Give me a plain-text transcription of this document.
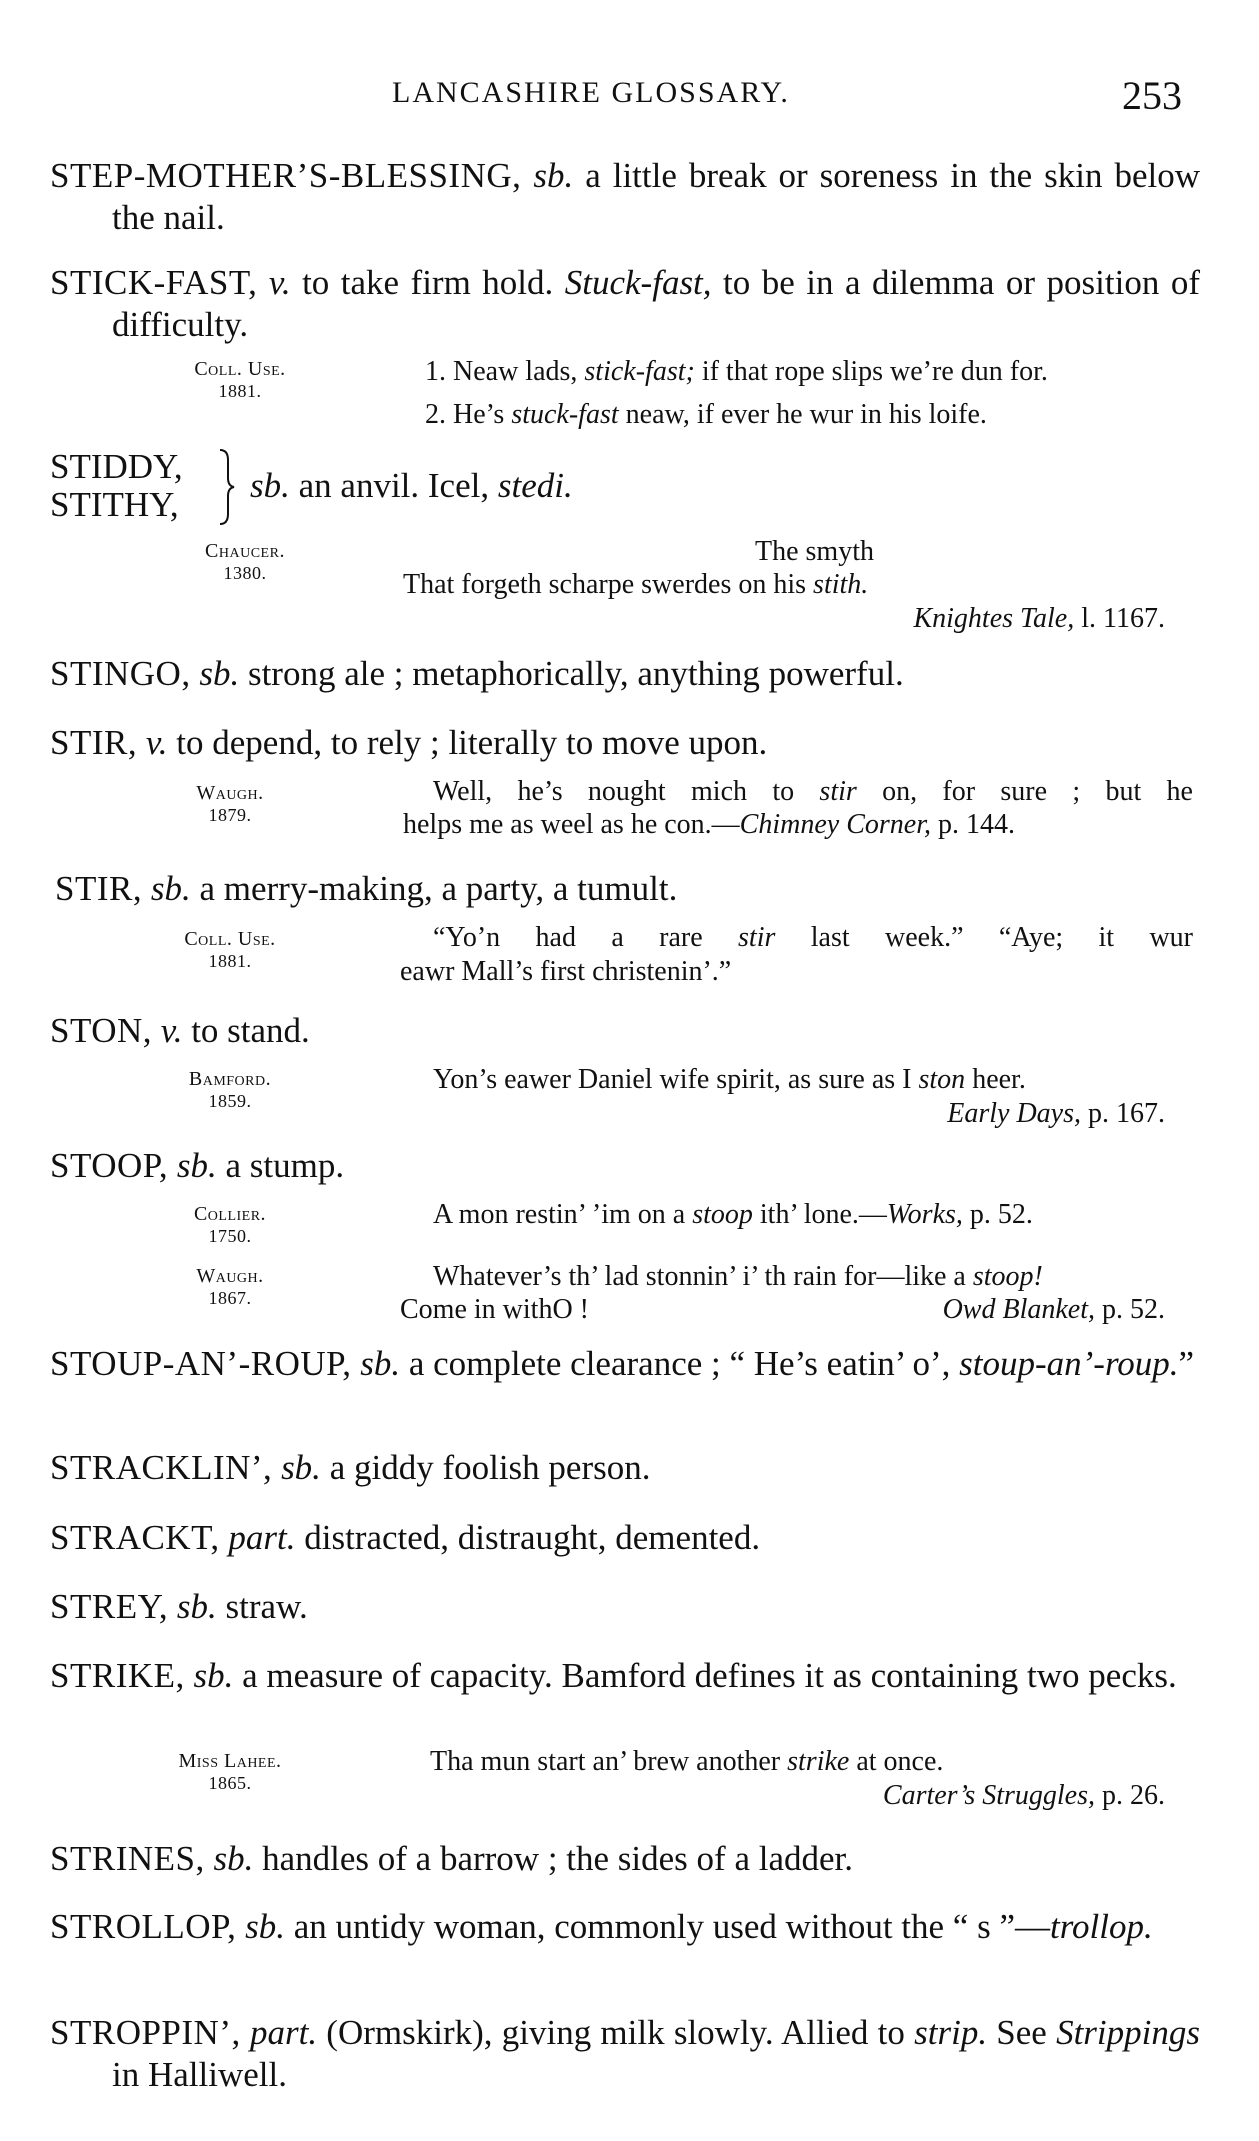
LANCASHIRE GLOSSARY.	253
STEP-MOTHER’S-BLESSING, sb. a little break or soreness in the skin below the nail.
STICK-FAST, v. to take firm hold. Stuck-fast, to be in a dilemma or position of difficulty.
Coll. Use.
1881.
1. Neaw lads, stick-fast; if that rope slips we’re dun for.
2. He’s stuck-fast neaw, if ever he wur in his loife.
STIDDY,
STITHY, sb. an anvil. Icel, stedi.
Chaucer.
1380.
The smyth
That forgeth scharpe swerdes on his stith.
Knightes Tale, l. 1167.
STINGO, sb. strong ale ; metaphorically, anything powerful.
STIR, v. to depend, to rely ; literally to move upon.
Waugh.
1879.
Well, he’s nought mich to stir on, for sure ; but he
helps me as weel as he con.—Chimney Corner, p. 144.
STIR, sb. a merry-making, a party, a tumult.
Coll. Use.
1881.
“Yo’n had a rare stir last week.” “Aye; it wur
eawr Mall’s first christenin’.”
STON, v. to stand.
Bamford.
1859.
Yon’s eawer Daniel wife spirit, as sure as I ston heer.
Early Days, p. 167.
STOOP, sb. a stump.
Collier.
1750.
A mon restin’ ’im on a stoop ith’ lone.—Works, p. 52.
Waugh.
1867.
Whatever’s th’ lad stonnin’ i’ th rain for—like a stoop!
Come in withO !	Owd Blanket, p. 52.
STOUP-AN’-ROUP, sb. a complete clearance ; “ He’s eatin’ o’, stoup-an’-roup.”
STRACKLIN’, sb. a giddy foolish person.
STRACKT, part. distracted, distraught, demented.
STREY, sb. straw.
STRIKE, sb. a measure of capacity. Bamford defines it as containing two pecks.
Miss Lahee.
1865.
Tha mun start an’ brew another strike at once.
Carter’s Struggles, p. 26.
STRINES, sb. handles of a barrow ; the sides of a ladder.
STROLLOP, sb. an untidy woman, commonly used without the “ s ”—trollop.
STROPPIN’, part. (Ormskirk), giving milk slowly. Allied to strip. See Strippings in Halliwell.
